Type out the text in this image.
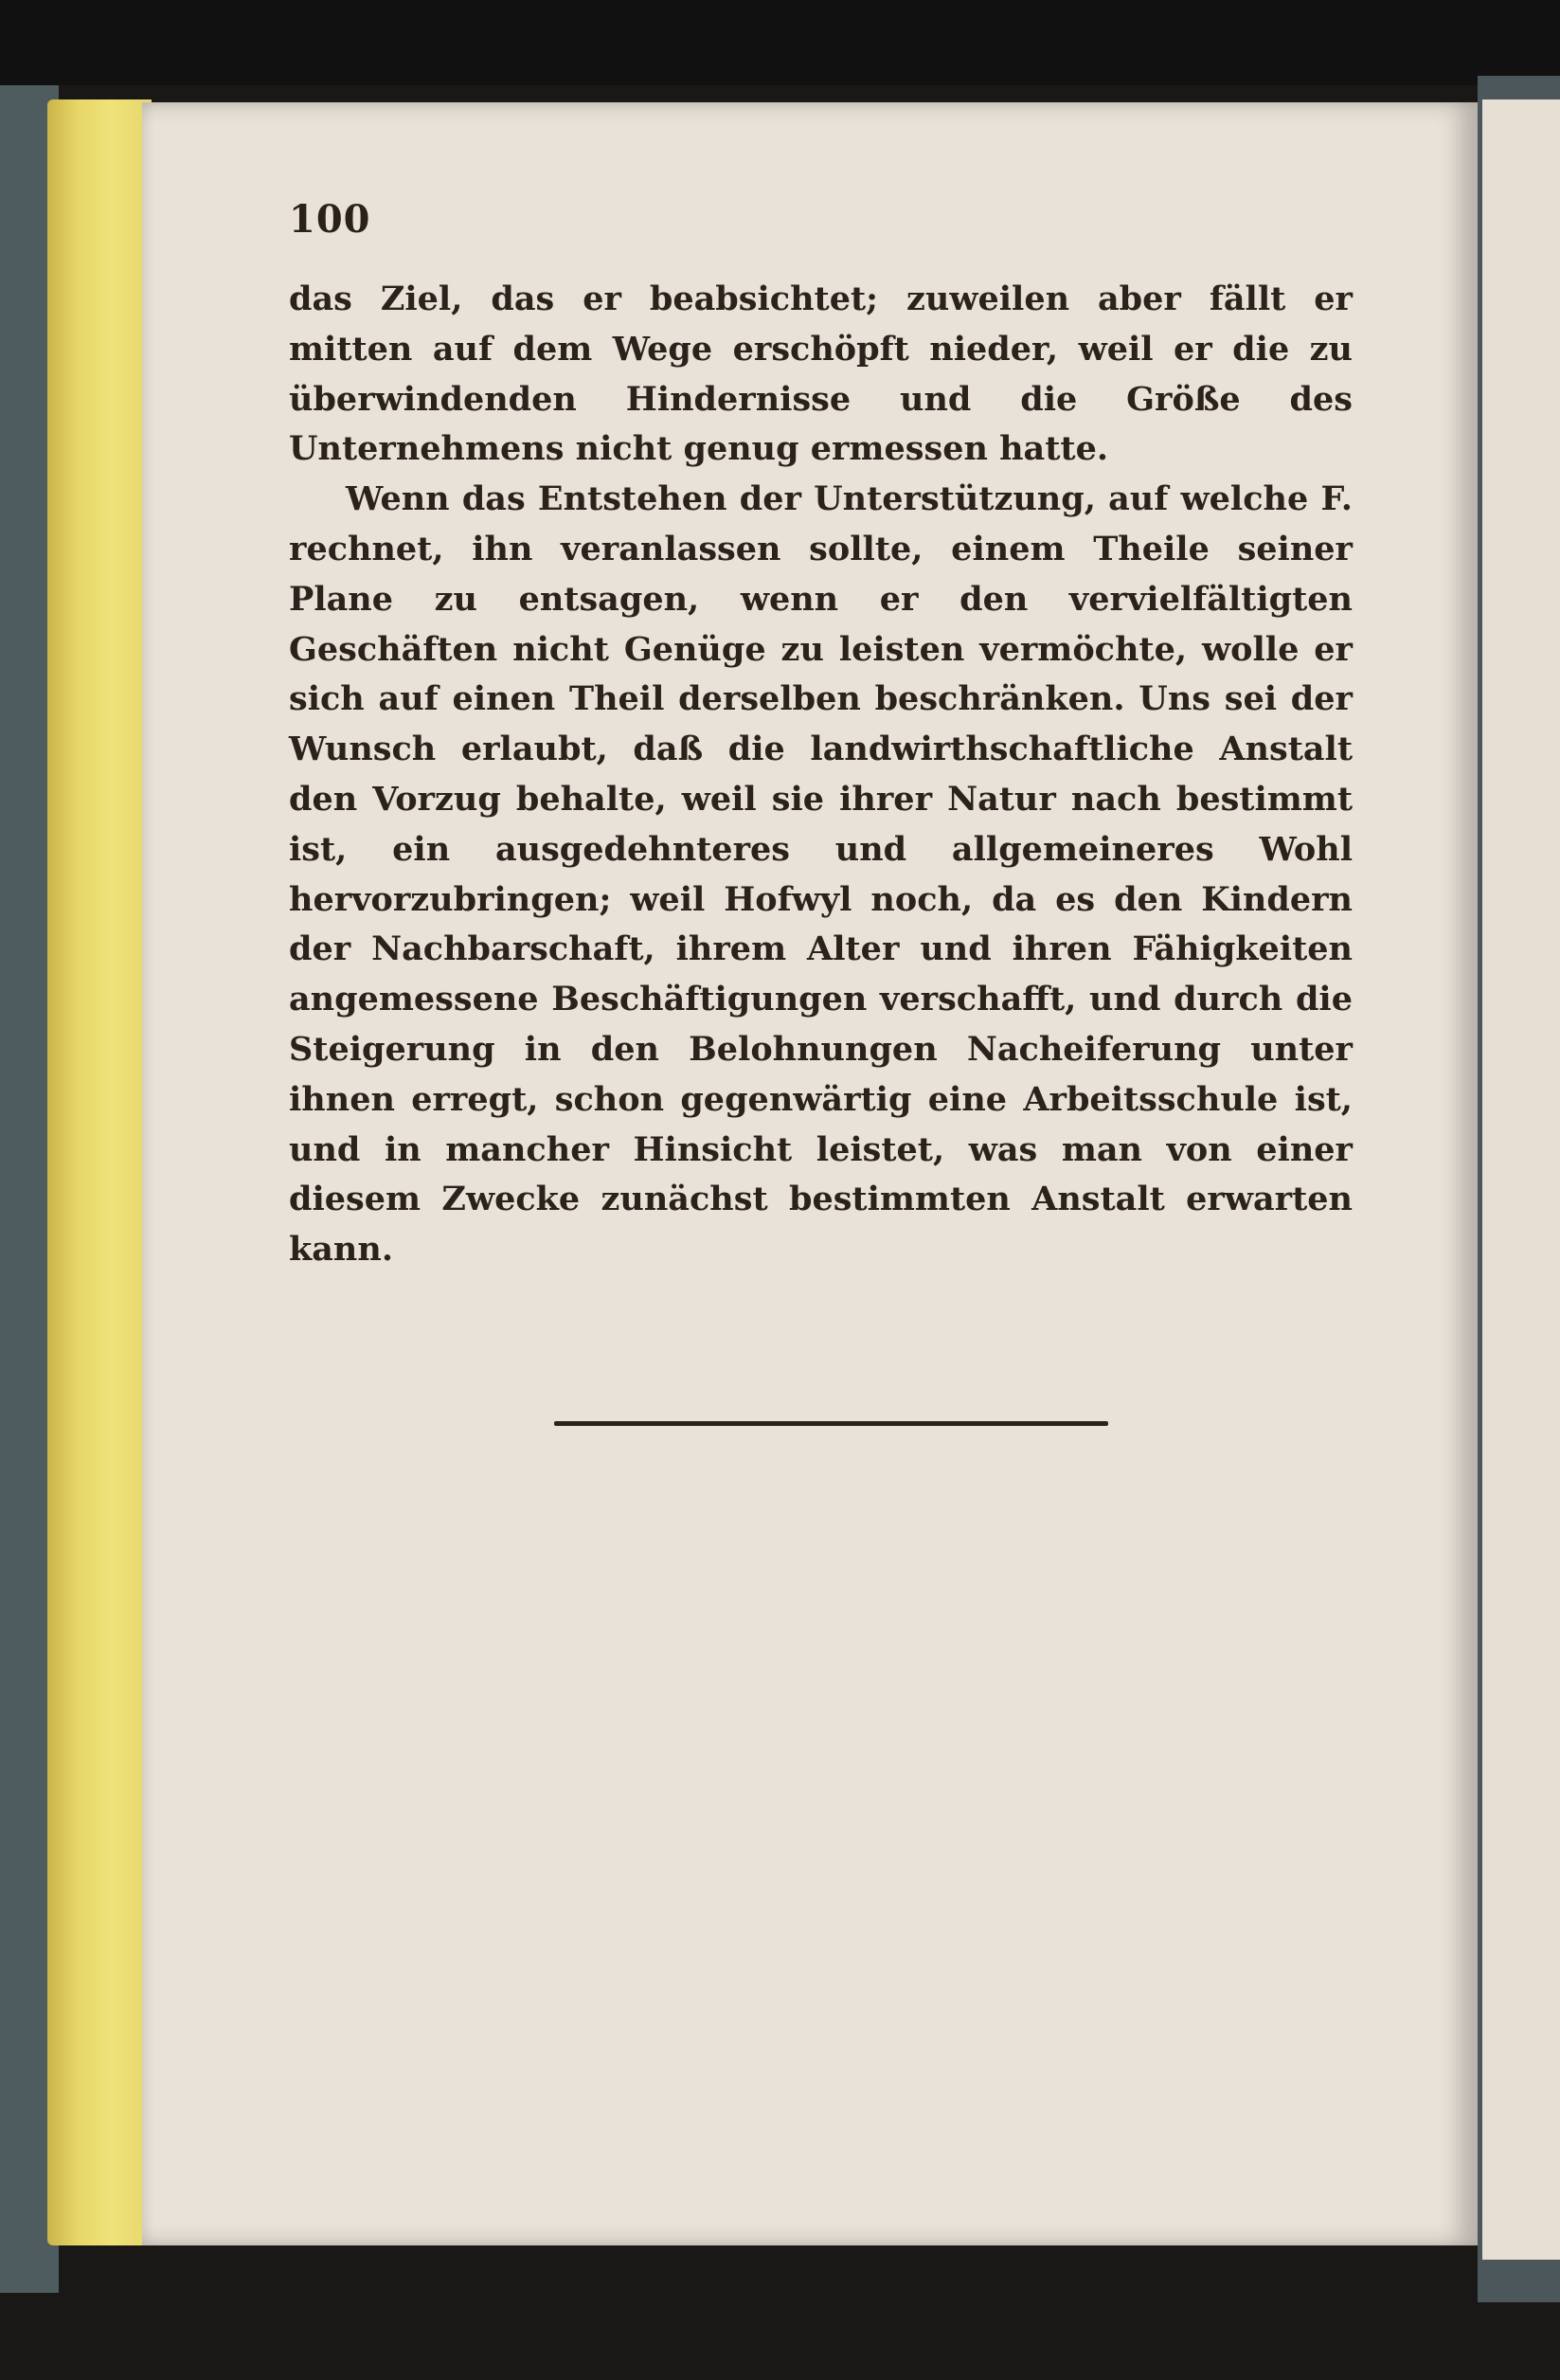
100

das Ziel, das er beabsichtet; zuweilen aber fällt er mitten auf dem Wege erschöpft nieder, weil er die zu überwindenden Hindernisse und die Größe des Unternehmens nicht genug ermessen hatte.

Wenn das Entstehen der Unterstützung, auf welche F. rechnet, ihn veranlassen sollte, einem Theile seiner Plane zu entsagen, wenn er den vervielfältigten Geschäften nicht Genüge zu leisten vermöchte, wolle er sich auf einen Theil derselben beschränken. Uns sei der Wunsch erlaubt, daß die landwirthschaftliche Anstalt den Vorzug behalte, weil sie ihrer Natur nach bestimmt ist, ein ausgedehnteres und allgemeineres Wohl hervorzubringen; weil Hofwyl noch, da es den Kindern der Nachbarschaft, ihrem Alter und ihren Fähigkeiten angemessene Beschäftigungen verschafft, und durch die Steigerung in den Belohnungen Nacheiferung unter ihnen erregt, schon gegenwärtig eine Arbeitsschule ist, und in mancher Hinsicht leistet, was man von einer diesem Zwecke zunächst bestimmten Anstalt erwarten kann.
